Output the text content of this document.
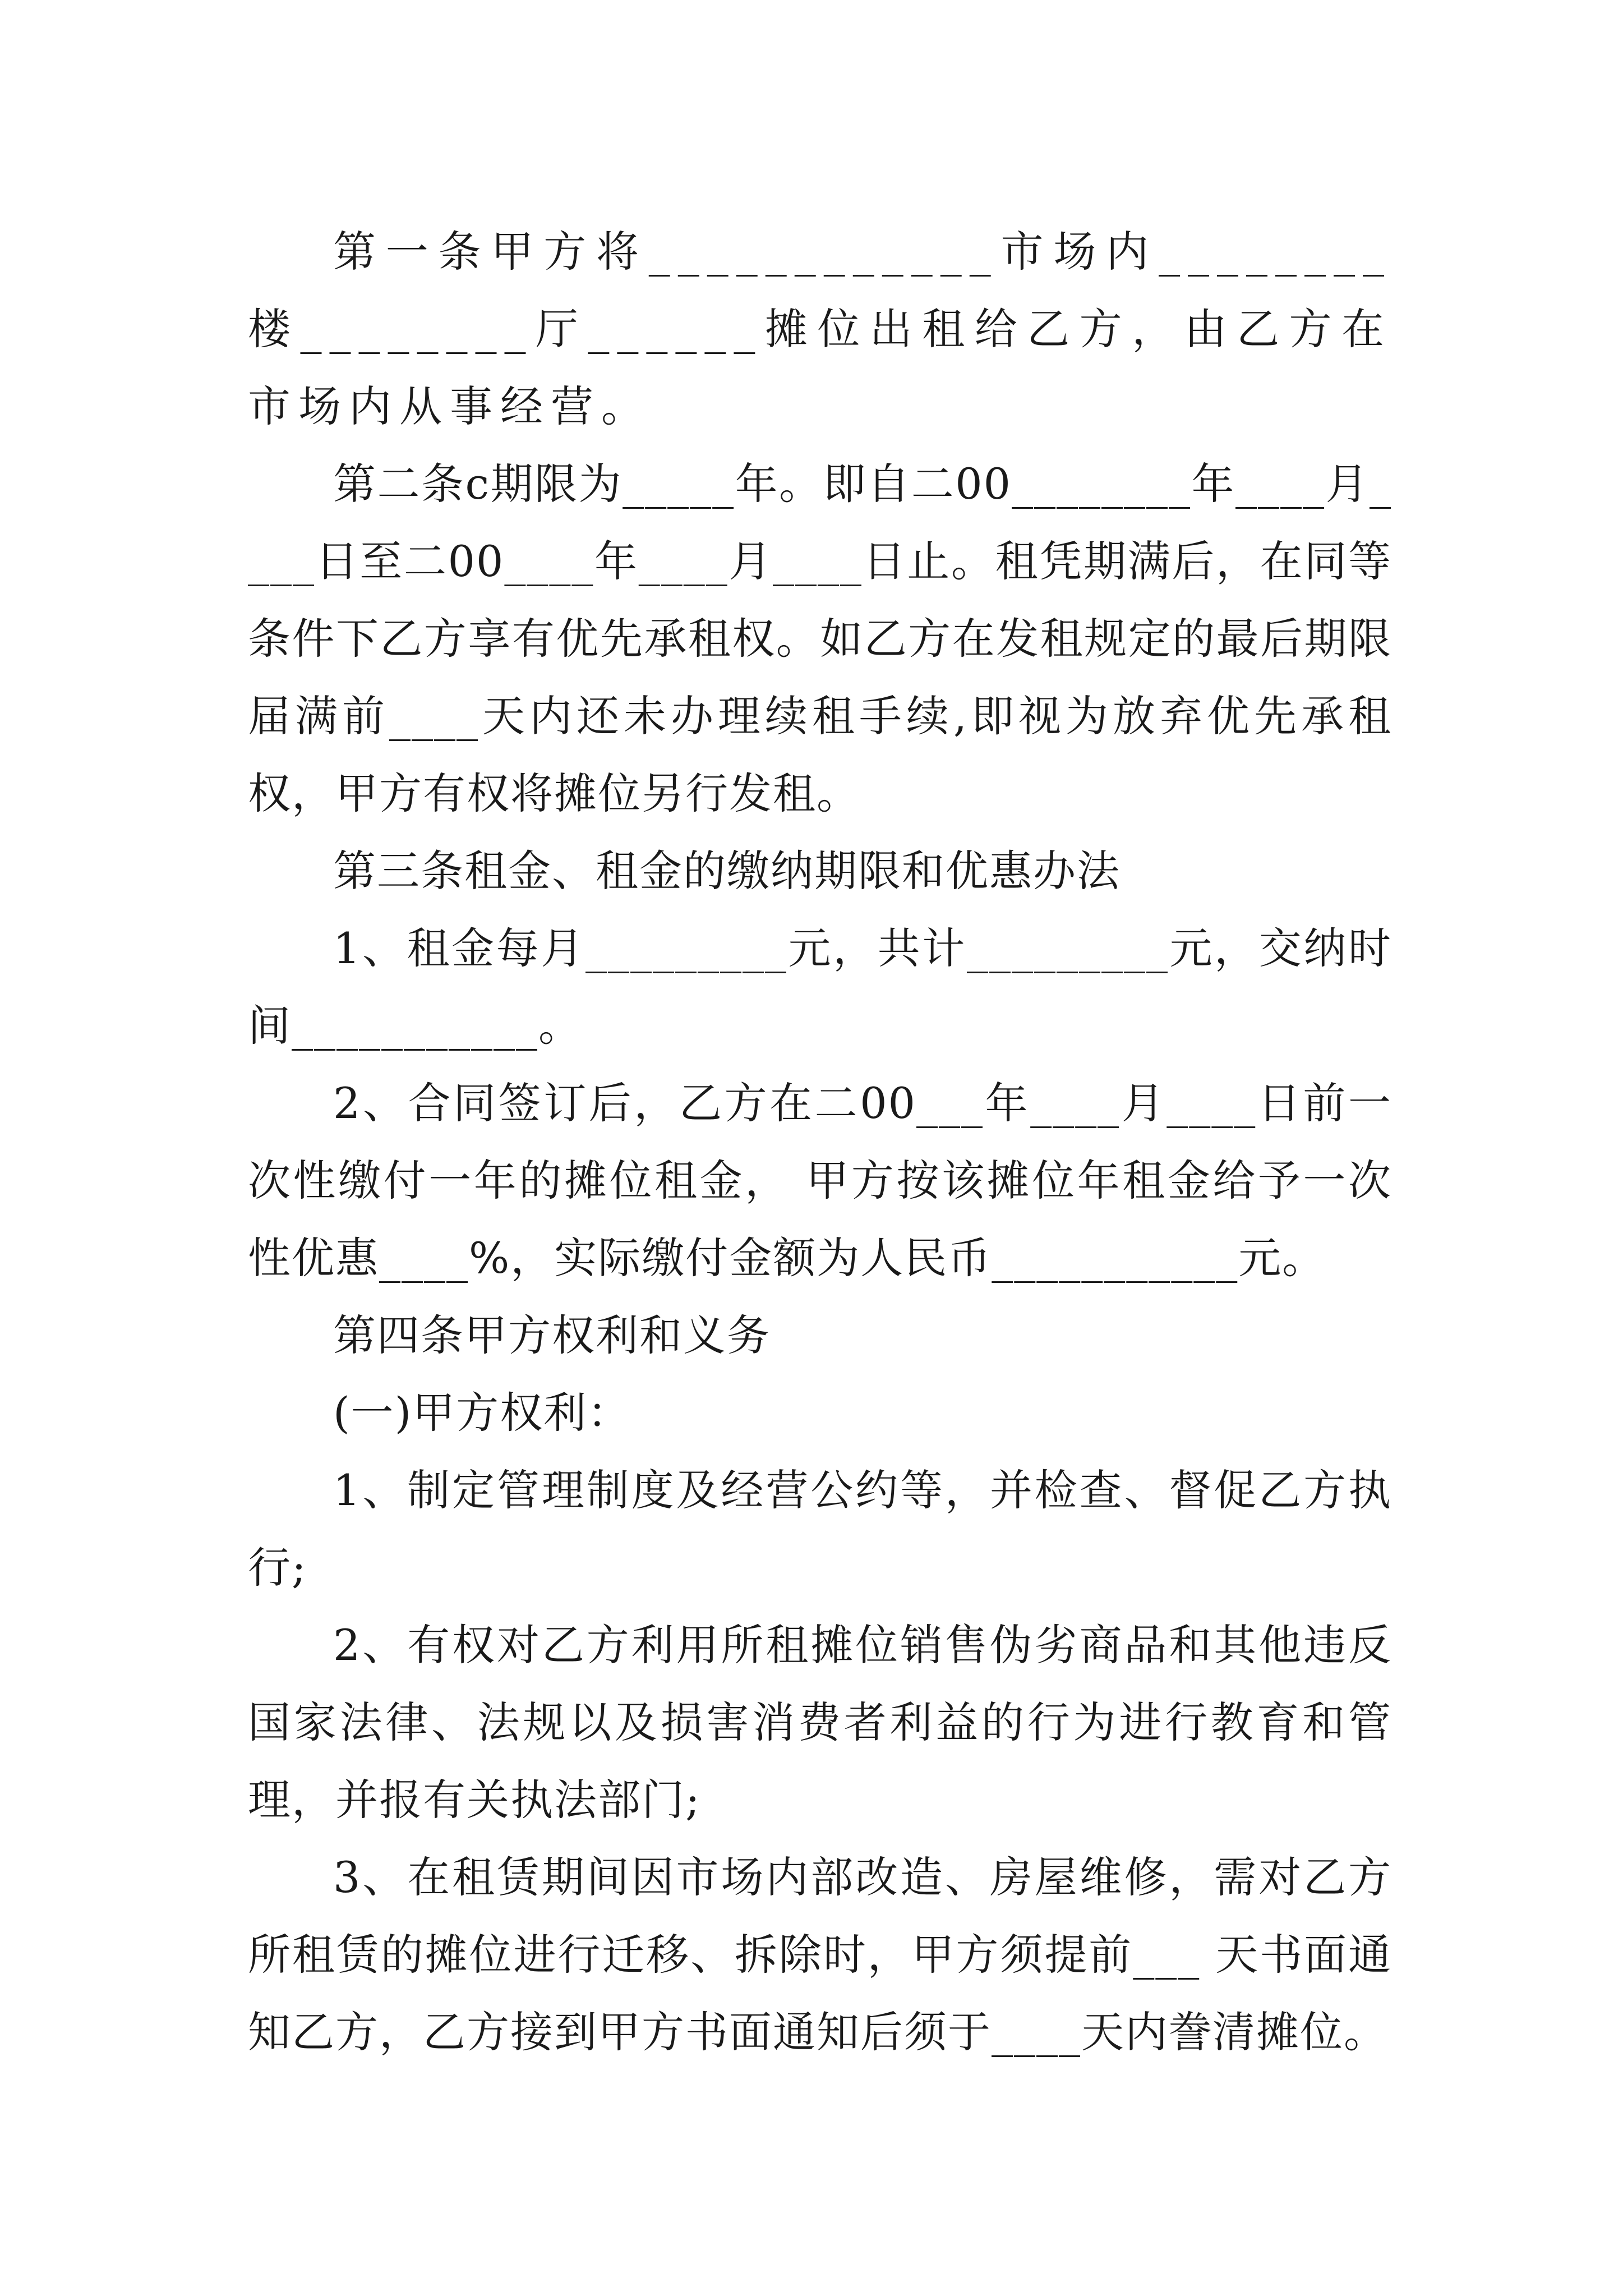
第一条甲方将____________市场内________楼________厅______摊位出租给乙方，由乙方在市场内从事经营。

第二条c期限为_____年。即自二00________年____月____日至二00____年____月____日止。租凭期满后，在同等条件下乙方享有优先承租权。如乙方在发租规定的最后期限届满前____天内还未办理续租手续,即视为放弃优先承租权，甲方有权将摊位另行发租。

第三条租金、租金的缴纳期限和优惠办法

1、租金每月_________元，共计_________元，交纳时间___________。

2、合同签订后，乙方在二00___年____月____日前一次性缴付一年的摊位租金， 甲方按该摊位年租金给予一次性优惠____%，实际缴付金额为人民币___________元。

第四条甲方权利和义务

(一)甲方权利：

1、制定管理制度及经营公约等，并检查、督促乙方执行;

2、有权对乙方利用所租摊位销售伪劣商品和其他违反国家法律、法规以及损害消费者利益的行为进行教育和管理，并报有关执法部门;

3、在租赁期间因市场内部改造、房屋维修，需对乙方所租赁的摊位进行迁移、拆除时，甲方须提前___ 天书面通知乙方，乙方接到甲方书面通知后须于____天内誊清摊位。
